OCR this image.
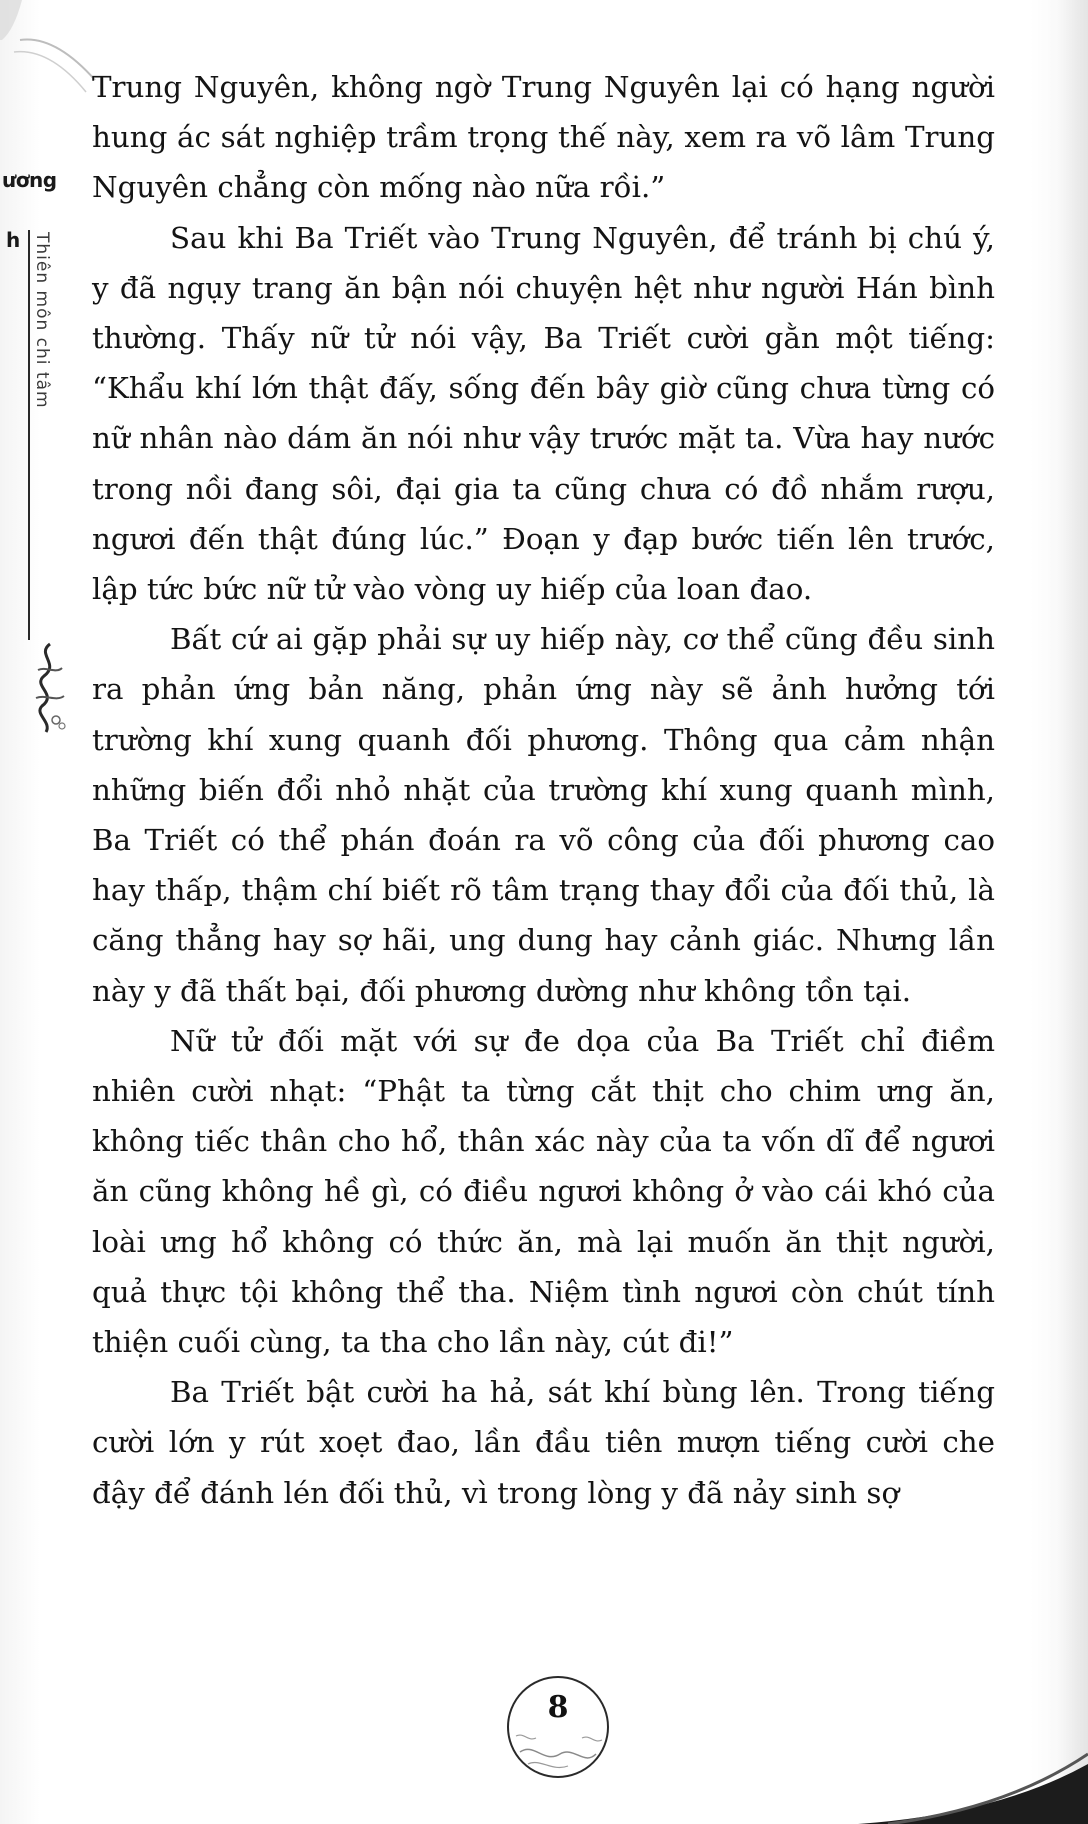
ương
h Thiên môn chi tâm

Trung Nguyên, không ngờ Trung Nguyên lại có hạng người hung ác sát nghiệp trầm trọng thế này, xem ra võ lâm Trung Nguyên chẳng còn mống nào nữa rồi.”

Sau khi Ba Triết vào Trung Nguyên, để tránh bị chú ý, y đã ngụy trang ăn bận nói chuyện hệt như người Hán bình thường. Thấy nữ tử nói vậy, Ba Triết cười gằn một tiếng: “Khẩu khí lớn thật đấy, sống đến bây giờ cũng chưa từng có nữ nhân nào dám ăn nói như vậy trước mặt ta. Vừa hay nước trong nồi đang sôi, đại gia ta cũng chưa có đồ nhắm rượu, ngươi đến thật đúng lúc.” Đoạn y đạp bước tiến lên trước, lập tức bức nữ tử vào vòng uy hiếp của loan đao.

Bất cứ ai gặp phải sự uy hiếp này, cơ thể cũng đều sinh ra phản ứng bản năng, phản ứng này sẽ ảnh hưởng tới trường khí xung quanh đối phương. Thông qua cảm nhận những biến đổi nhỏ nhặt của trường khí xung quanh mình, Ba Triết có thể phán đoán ra võ công của đối phương cao hay thấp, thậm chí biết rõ tâm trạng thay đổi của đối thủ, là căng thẳng hay sợ hãi, ung dung hay cảnh giác. Nhưng lần này y đã thất bại, đối phương dường như không tồn tại.

Nữ tử đối mặt với sự đe dọa của Ba Triết chỉ điềm nhiên cười nhạt: “Phật ta từng cắt thịt cho chim ưng ăn, không tiếc thân cho hổ, thân xác này của ta vốn dĩ để ngươi ăn cũng không hề gì, có điều ngươi không ở vào cái khó của loài ưng hổ không có thức ăn, mà lại muốn ăn thịt người, quả thực tội không thể tha. Niệm tình ngươi còn chút tính thiện cuối cùng, ta tha cho lần này, cút đi!”

Ba Triết bật cười ha hả, sát khí bùng lên. Trong tiếng cười lớn y rút xoẹt đao, lần đầu tiên mượn tiếng cười che đậy để đánh lén đối thủ, vì trong lòng y đã nảy sinh sợ

8
